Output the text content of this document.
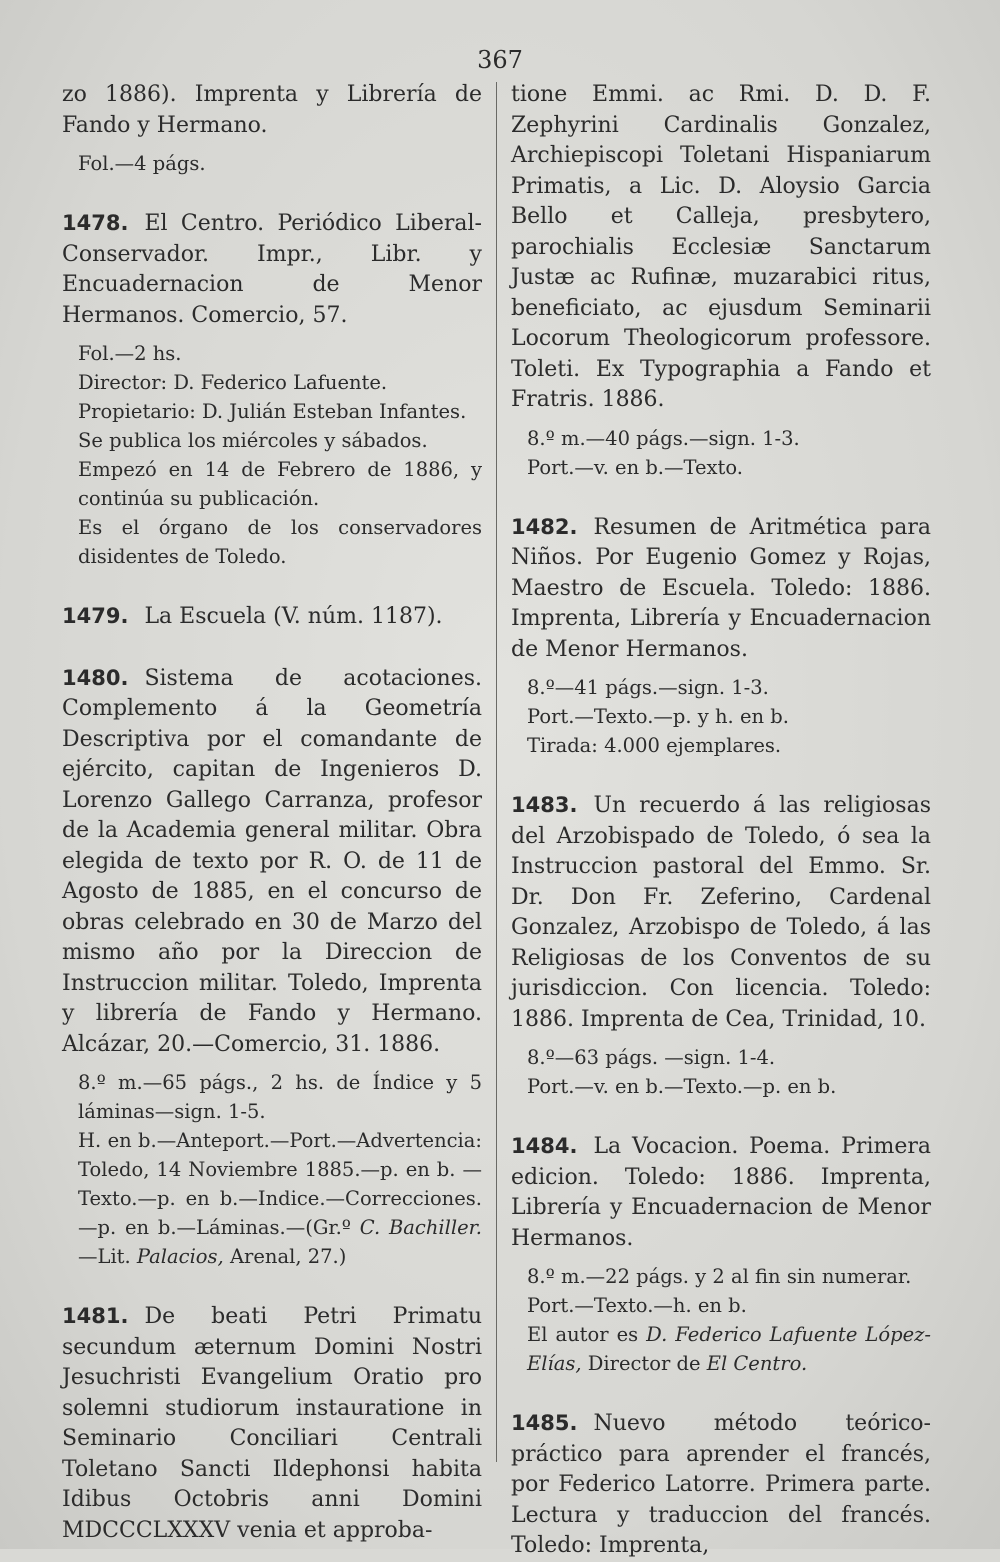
367

zo 1886). Imprenta y Librería de Fando y Hermano.

Fol.—4 págs.

1478. El Centro. Periódico Liberal-Conservador. Impr., Libr. y Encuadernacion de Menor Hermanos. Comercio, 57.

Fol.—2 hs.

Director: D. Federico Lafuente.

Propietario: D. Julián Esteban Infantes.

Se publica los miércoles y sábados.

Empezó en 14 de Febrero de 1886, y continúa su publicación.

Es el órgano de los conservadores disidentes de Toledo.

1479. La Escuela (V. núm. 1187).

1480. Sistema de acotaciones. Complemento á la Geometría Descriptiva por el comandante de ejército, capitan de Ingenieros D. Lorenzo Gallego Carranza, profesor de la Academia general militar. Obra elegida de texto por R. O. de 11 de Agosto de 1885, en el concurso de obras celebrado en 30 de Marzo del mismo año por la Direccion de Instruccion militar. Toledo, Imprenta y librería de Fando y Hermano. Alcázar, 20.—Comercio, 31. 1886.

8.º m.—65 págs., 2 hs. de Índice y 5 láminas—sign. 1-5.

H. en b.—Anteport.—Port.—Advertencia: Toledo, 14 Noviembre 1885.—p. en b. —Texto.—p. en b.—Indice.—Correcciones.—p. en b.—Láminas.—(Gr.º C. Bachiller.—Lit. Palacios, Arenal, 27.)

1481. De beati Petri Primatu secundum æternum Domini Nostri Jesuchristi Evangelium Oratio pro solemni studiorum instauratione in Seminario Conciliari Centrali Toletano Sancti Ildephonsi habita Idibus Octobris anni Domini MDCCCLXXXV venia et approba-

tione Emmi. ac Rmi. D. D. F. Zephyrini Cardinalis Gonzalez, Archiepiscopi Toletani Hispaniarum Primatis, a Lic. D. Aloysio Garcia Bello et Calleja, presbytero, parochialis Ecclesiæ Sanctarum Justæ ac Rufinæ, muzarabici ritus, beneficiato, ac ejusdum Seminarii Locorum Theologicorum professore. Toleti. Ex Typographia a Fando et Fratris. 1886.

8.º m.—40 págs.—sign. 1-3.

Port.—v. en b.—Texto.

1482. Resumen de Aritmética para Niños. Por Eugenio Gomez y Rojas, Maestro de Escuela. Toledo: 1886. Imprenta, Librería y Encuadernacion de Menor Hermanos.

8.º—41 págs.—sign. 1-3.

Port.—Texto.—p. y h. en b.

Tirada: 4.000 ejemplares.

1483. Un recuerdo á las religiosas del Arzobispado de Toledo, ó sea la Instruccion pastoral del Emmo. Sr. Dr. Don Fr. Zeferino, Cardenal Gonzalez, Arzobispo de Toledo, á las Religiosas de los Conventos de su jurisdiccion. Con licencia. Toledo: 1886. Imprenta de Cea, Trinidad, 10.

8.º—63 págs. —sign. 1-4.

Port.—v. en b.—Texto.—p. en b.

1484. La Vocacion. Poema. Primera edicion. Toledo: 1886. Imprenta, Librería y Encuadernacion de Menor Hermanos.

8.º m.—22 págs. y 2 al fin sin numerar.

Port.—Texto.—h. en b.

El autor es D. Federico Lafuente López-Elías, Director de El Centro.

1485. Nuevo método teórico-práctico para aprender el francés, por Federico Latorre. Primera parte. Lectura y traduccion del francés. Toledo: Imprenta,
